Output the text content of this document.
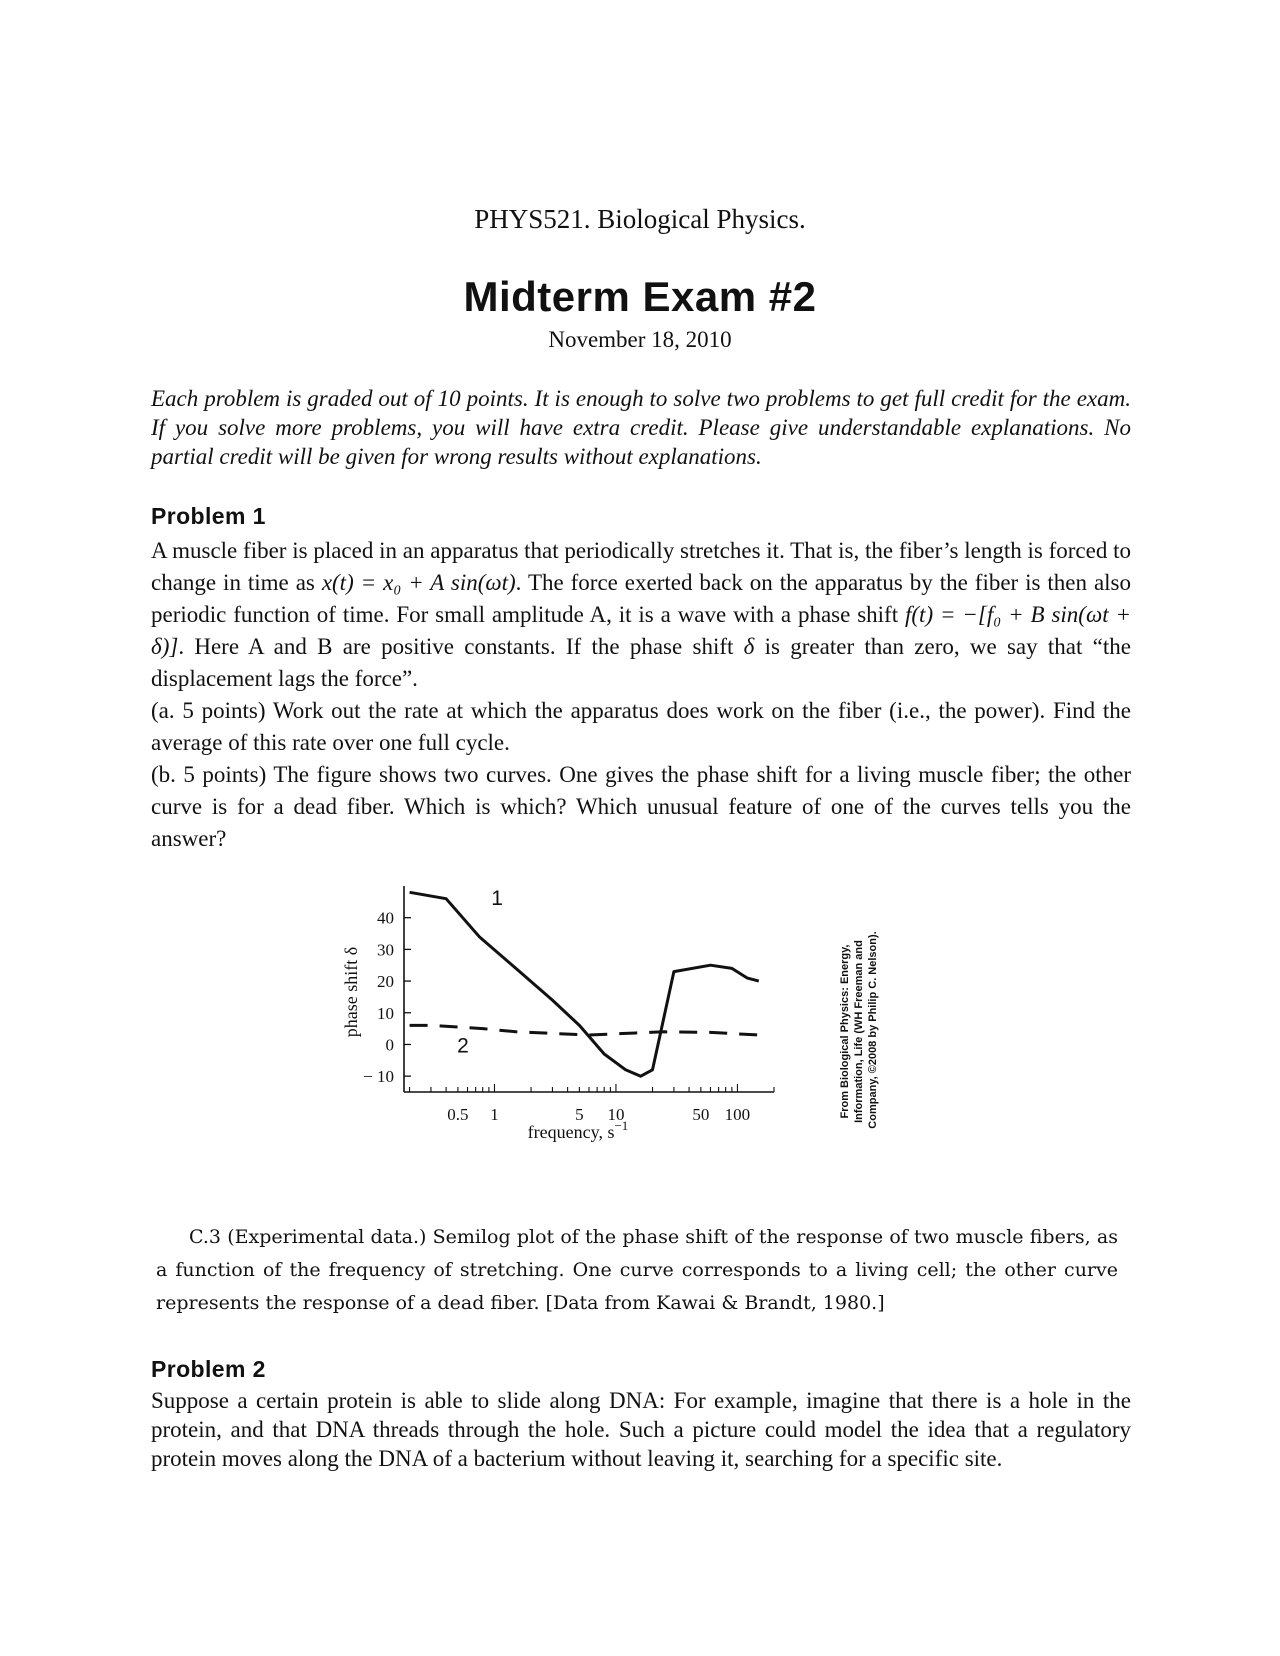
PHYS521. Biological Physics.
Midterm Exam #2
November 18, 2010
Each problem is graded out of 10 points. It is enough to solve two problems to get full credit for the exam. If you solve more problems, you will have extra credit. Please give understandable explanations. No partial credit will be given for wrong results without explanations.
Problem 1

A muscle fiber is placed in an apparatus that periodically stretches it. That is, the fiber’s length is forced to change in time as x(t) = x₀ + A sin(ωt). The force exerted back on the apparatus by the fiber is then also periodic function of time. For small amplitude A, it is a wave with a phase shift f(t) = −[f₀ + B sin(ωt + δ)]. Here A and B are positive constants. If the phase shift δ is greater than zero, we say that “the displacement lags the force”.

(a. 5 points) Work out the rate at which the apparatus does work on the fiber (i.e., the power). Find the average of this rate over one full cycle.

(b. 5 points) The figure shows two curves. One gives the phase shift for a living muscle fiber; the other curve is for a dead fiber. Which is which? Which unusual feature of one of the curves tells you the answer?

40
30
20
10
0
− 10
0.5 1	5 10	50 100
1
2
phase shift δ
frequency, $s^{-1}$
From Biological Physics: Energy, Information, Life (WH Freeman and Company, ©2008 by Philip C. Nelson).
C.3 (Experimental data.) Semilog plot of the phase shift of the response of two muscle fibers, as a function of the frequency of stretching. One curve corresponds to a living cell; the other curve represents the response of a dead fiber. [Data from Kawai & Brandt, 1980.]
Problem 2
Suppose a certain protein is able to slide along DNA: For example, imagine that there is a hole in the protein, and that DNA threads through the hole. Such a picture could model the idea that a regulatory protein moves along the DNA of a bacterium without leaving it, searching for a specific site.
